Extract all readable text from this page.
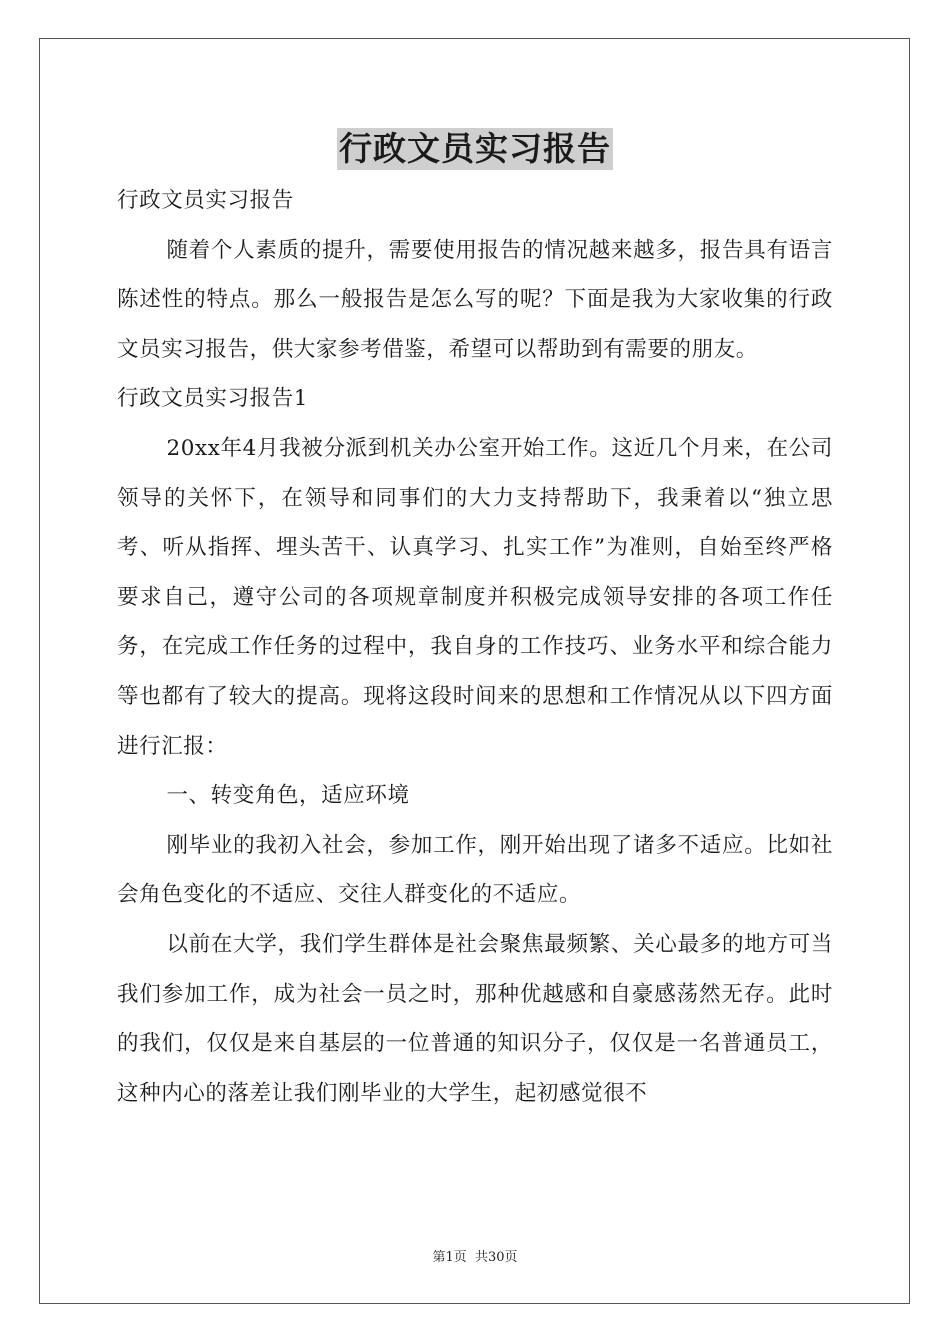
行政文员实习报告

行政文员实习报告

随着个人素质的提升，需要使用报告的情况越来越多，报告具有语言陈述性的特点。那么一般报告是怎么写的呢？下面是我为大家收集的行政文员实习报告，供大家参考借鉴，希望可以帮助到有需要的朋友。

行政文员实习报告1

20xx年4月我被分派到机关办公室开始工作。这近几个月来，在公司领导的关怀下，在领导和同事们的大力支持帮助下，我秉着以“独立思考、听从指挥、埋头苦干、认真学习、扎实工作”为准则，自始至终严格要求自己，遵守公司的各项规章制度并积极完成领导安排的各项工作任务，在完成工作任务的过程中，我自身的工作技巧、业务水平和综合能力等也都有了较大的提高。现将这段时间来的思想和工作情况从以下四方面进行汇报：

一、转变角色，适应环境

刚毕业的我初入社会，参加工作，刚开始出现了诸多不适应。比如社会角色变化的不适应、交往人群变化的不适应。

以前在大学，我们学生群体是社会聚焦最频繁、关心最多的地方可当我们参加工作，成为社会一员之时，那种优越感和自豪感荡然无存。此时的我们，仅仅是来自基层的一位普通的知识分子，仅仅是一名普通员工，这种内心的落差让我们刚毕业的大学生，起初感觉很不

第1页 共30页
